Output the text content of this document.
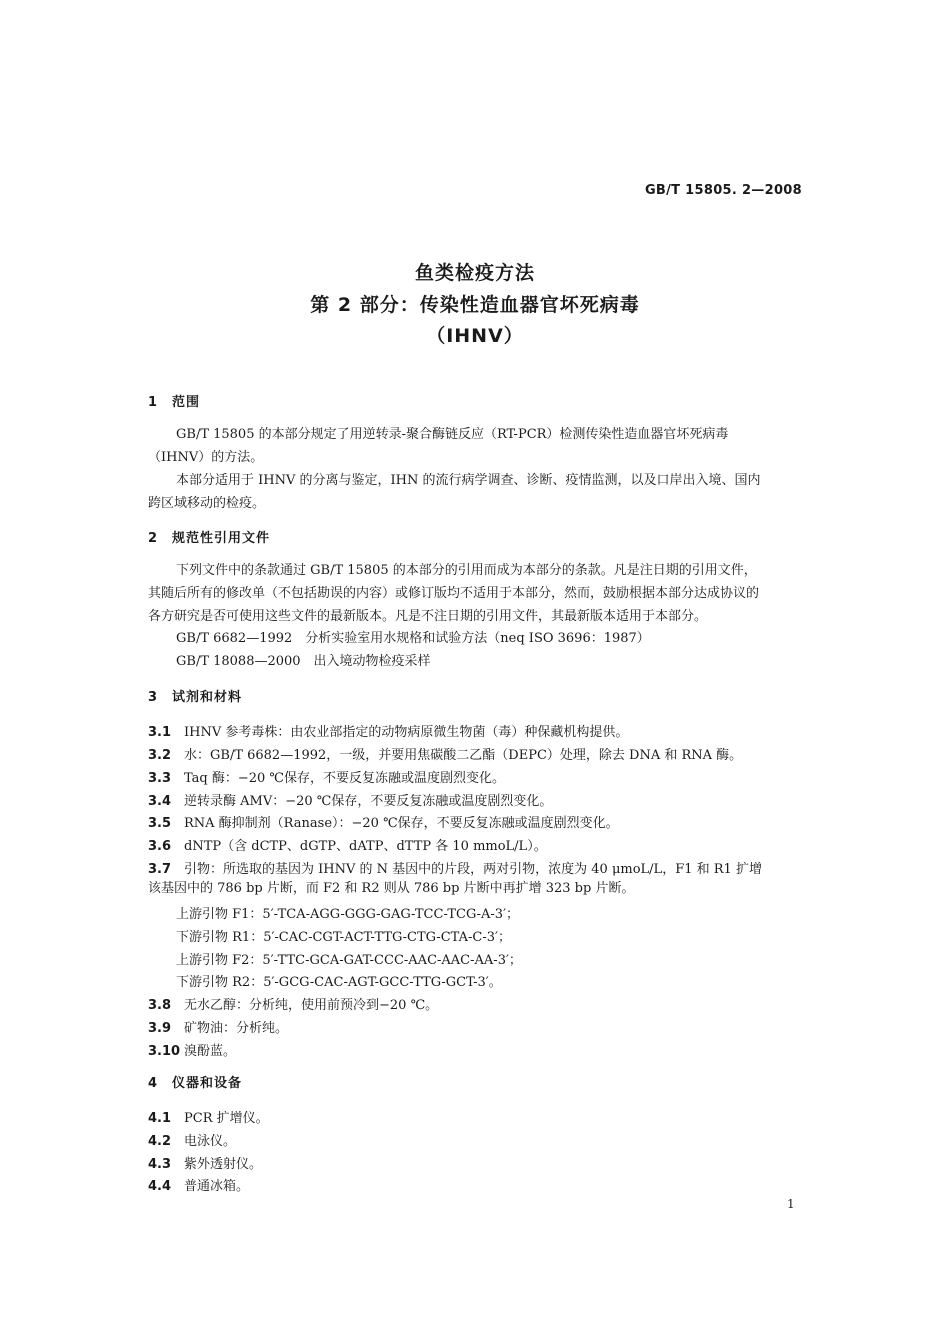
GB/T 15805. 2—2008
鱼类检疫方法
第 2 部分：传染性造血器官坏死病毒
（IHNV）
1 范围
GB/T 15805 的本部分规定了用逆转录-聚合酶链反应（RT-PCR）检测传染性造血器官坏死病毒
（IHNV）的方法。
本部分适用于 IHNV 的分离与鉴定，IHN 的流行病学调查、诊断、疫情监测，以及口岸出入境、国内
跨区域移动的检疫。
2 规范性引用文件
下列文件中的条款通过 GB/T 15805 的本部分的引用而成为本部分的条款。凡是注日期的引用文件，
其随后所有的修改单（不包括勘误的内容）或修订版均不适用于本部分，然而，鼓励根据本部分达成协议的
各方研究是否可使用这些文件的最新版本。凡是不注日期的引用文件，其最新版本适用于本部分。
GB/T 6682—1992　分析实验室用水规格和试验方法（neq ISO 3696：1987）
GB/T 18088—2000　出入境动物检疫采样
3 试剂和材料
3.1 IHNV 参考毒株：由农业部指定的动物病原微生物菌（毒）种保藏机构提供。
3.2 水：GB/T 6682—1992，一级，并要用焦碳酸二乙酯（DEPC）处理，除去 DNA 和 RNA 酶。
3.3 Taq 酶：−20 ℃保存，不要反复冻融或温度剧烈变化。
3.4 逆转录酶 AMV：−20 ℃保存，不要反复冻融或温度剧烈变化。
3.5 RNA 酶抑制剂（Ranase）：−20 ℃保存，不要反复冻融或温度剧烈变化。
3.6 dNTP（含 dCTP、dGTP、dATP、dTTP 各 10 mmoL/L）。
3.7 引物：所选取的基因为 IHNV 的 N 基因中的片段，两对引物，浓度为 40 μmoL/L，F1 和 R1 扩增
该基因中的 786 bp 片断，而 F2 和 R2 则从 786 bp 片断中再扩增 323 bp 片断。
上游引物 F1：5′-TCA-AGG-GGG-GAG-TCC-TCG-A-3′；
下游引物 R1：5′-CAC-CGT-ACT-TTG-CTG-CTA-C-3′；
上游引物 F2：5′-TTC-GCA-GAT-CCC-AAC-AAC-AA-3′；
下游引物 R2：5′-GCG-CAC-AGT-GCC-TTG-GCT-3′。
3.8 无水乙醇：分析纯，使用前预冷到−20 ℃。
3.9 矿物油：分析纯。
3.10 溴酚蓝。
4 仪器和设备
4.1 PCR 扩增仪。
4.2 电泳仪。
4.3 紫外透射仪。
4.4 普通冰箱。
1
